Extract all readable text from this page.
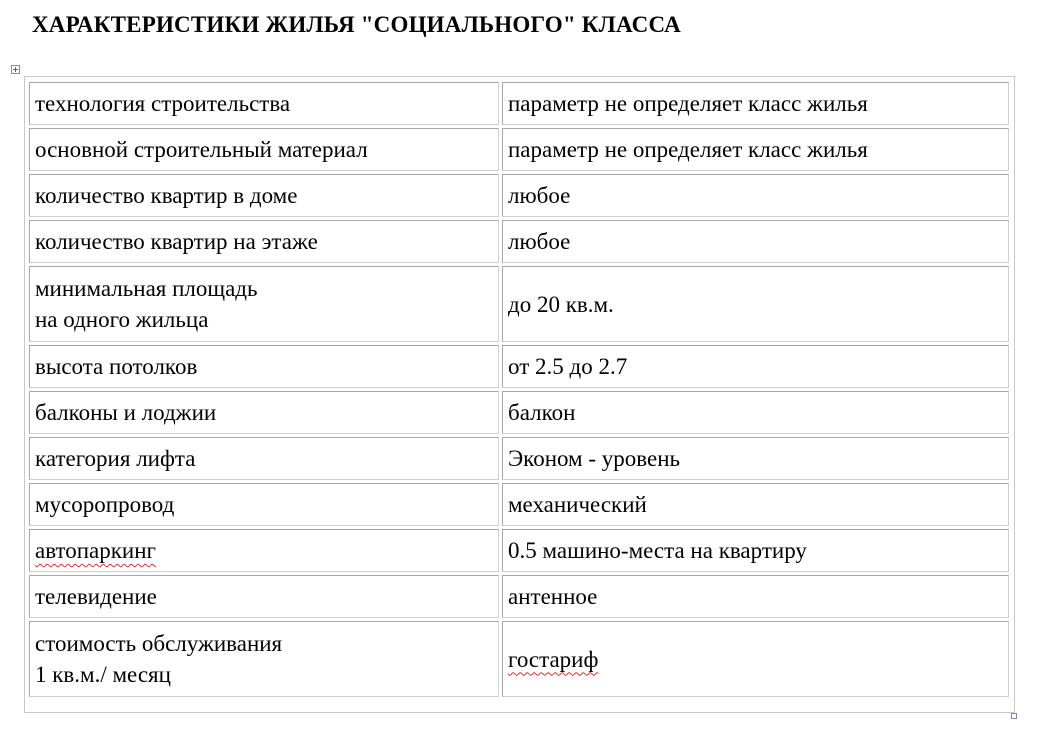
ХАРАКТЕРИСТИКИ ЖИЛЬЯ "СОЦИАЛЬНОГО" КЛАССА
технология строительства	параметр не определяет класс жилья
основной строительный материал	параметр не определяет класс жилья
количество квартир в доме	любое
количество квартир на этаже	любое

минимальная площадь
на одного жильца	до 20 кв.м.
высота потолков	от 2.5 до 2.7
балконы и лоджии	балкон
категория лифта	Эконом - уровень
мусоропровод	механический
автопаркинг	0.5 машино-места на квартиру
телевидение	антенное

стоимость обслуживания
1 кв.м./ месяц	гостариф
